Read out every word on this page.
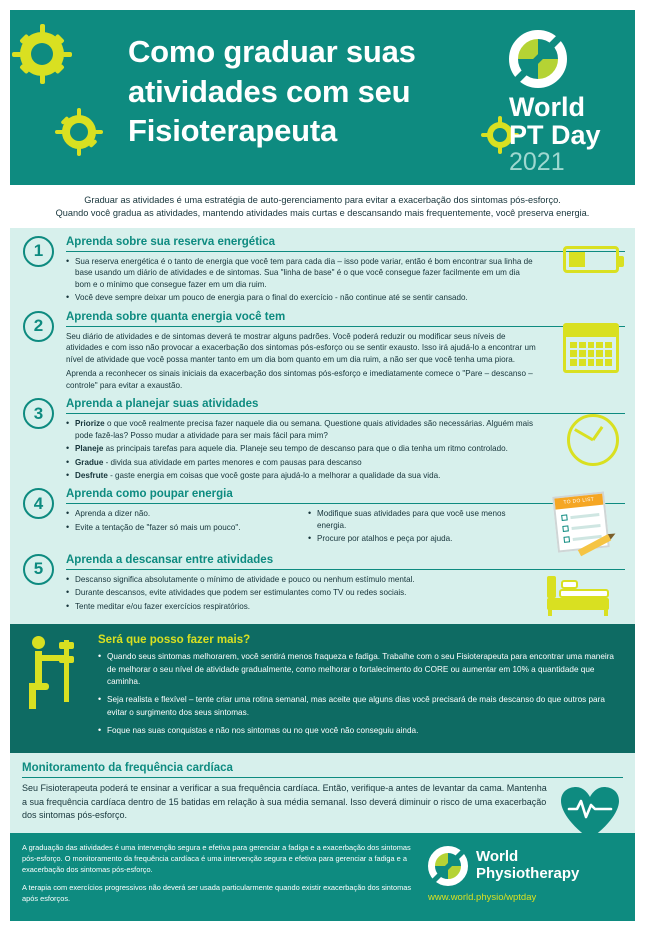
Como graduar suas atividades com seu Fisioterapeuta
World
PT Day
2021
Graduar as atividades é uma estratégia de auto-gerenciamento para evitar a exacerbação dos sintomas pós-esforço.
Quando você gradua as atividades, mantendo atividades mais curtas e descansando mais frequentemente, você preserva energia.
1	Aprenda sobre sua reserva energética
• Sua reserva energética é o tanto de energia que você tem para cada dia – isso pode variar, então é bom encontrar sua linha de base usando um diário de atividades e de sintomas. Sua "linha de base" é o que você consegue fazer facilmente em um dia bom e o mínimo que consegue fazer em um dia ruim.
• Você deve sempre deixar um pouco de energia para o final do exercício - não continue até se sentir cansado.
2	Aprenda sobre quanta energia você tem

Seu diário de atividades e de sintomas deverá te mostrar alguns padrões. Você poderá reduzir ou modificar seus níveis de atividades e com isso não provocar a exacerbação dos sintomas pós-esforço ou se sentir exausto. Isso irá ajudá-lo a encontrar um nível de atividade que você possa manter tanto em um dia bom quanto em um dia ruim, a não ser que você tenha uma piora.

Aprenda a reconhecer os sinais iniciais da exacerbação dos sintomas pós-esforço e imediatamente comece o "Pare – descanso – controle" para evitar a exaustão.

3	Aprenda a planejar suas atividades
• Priorize o que você realmente precisa fazer naquele dia ou semana. Questione quais atividades são necessárias. Alguém mais pode fazê-las? Posso mudar a atividade para ser mais fácil para mim?
• Planeje as principais tarefas para aquele dia. Planeje seu tempo de descanso para que o dia tenha um ritmo controlado.
• Gradue - divida sua atividade em partes menores e com pausas para descanso
• Desfrute - gaste energia em coisas que você goste para ajudá-lo a melhorar a qualidade da sua vida.
4	Aprenda como poupar energia
• Aprenda a dizer não.
• Evite a tentação de "fazer só mais um pouco".
• Modifique suas atividades para que você use menos energia.
• Procure por atalhos e peça por ajuda.
TO DO LIST
5	Aprenda a descansar entre atividades
• Descanso significa absolutamente o mínimo de atividade e pouco ou nenhum estímulo mental.
• Durante descansos, evite atividades que podem ser estimulantes como TV ou redes sociais.
• Tente meditar e/ou fazer exercícios respiratórios.
Será que posso fazer mais?
• Quando seus sintomas melhorarem, você sentirá menos fraqueza e fadiga. Trabalhe com o seu Fisioterapeuta para encontrar uma maneira de melhorar o seu nível de atividade gradualmente, como melhorar o fortalecimento do CORE ou aumentar em 10% a quantidade que caminha.
• Seja realista e flexível – tente criar uma rotina semanal, mas aceite que alguns dias você precisará de mais descanso do que outros para evitar o surgimento dos seus sintomas.
• Foque nas suas conquistas e não nos sintomas ou no que você não conseguiu ainda.
Monitoramento da frequência cardíaca

Seu Fisioterapeuta poderá te ensinar a verificar a sua frequência cardíaca. Então, verifique-a antes de levantar da cama. Mantenha a sua frequência cardíaca dentro de 15 batidas em relação à sua média semanal. Isso deverá diminuir o risco de uma exacerbação dos sintomas pós-esforço.

A graduação das atividades é uma intervenção segura e efetiva para gerenciar a fadiga e a exacerbação dos sintomas pós-esforço. O monitoramento da frequência cardíaca é uma intervenção segura e efetiva para gerenciar a fadiga e a exacerbação dos sintomas pós-esforço.

A terapia com exercícios progressivos não deverá ser usada particularmente quando existir exacerbação dos sintomas após esforços.

World
Physiotherapy
www.world.physio/wptday
